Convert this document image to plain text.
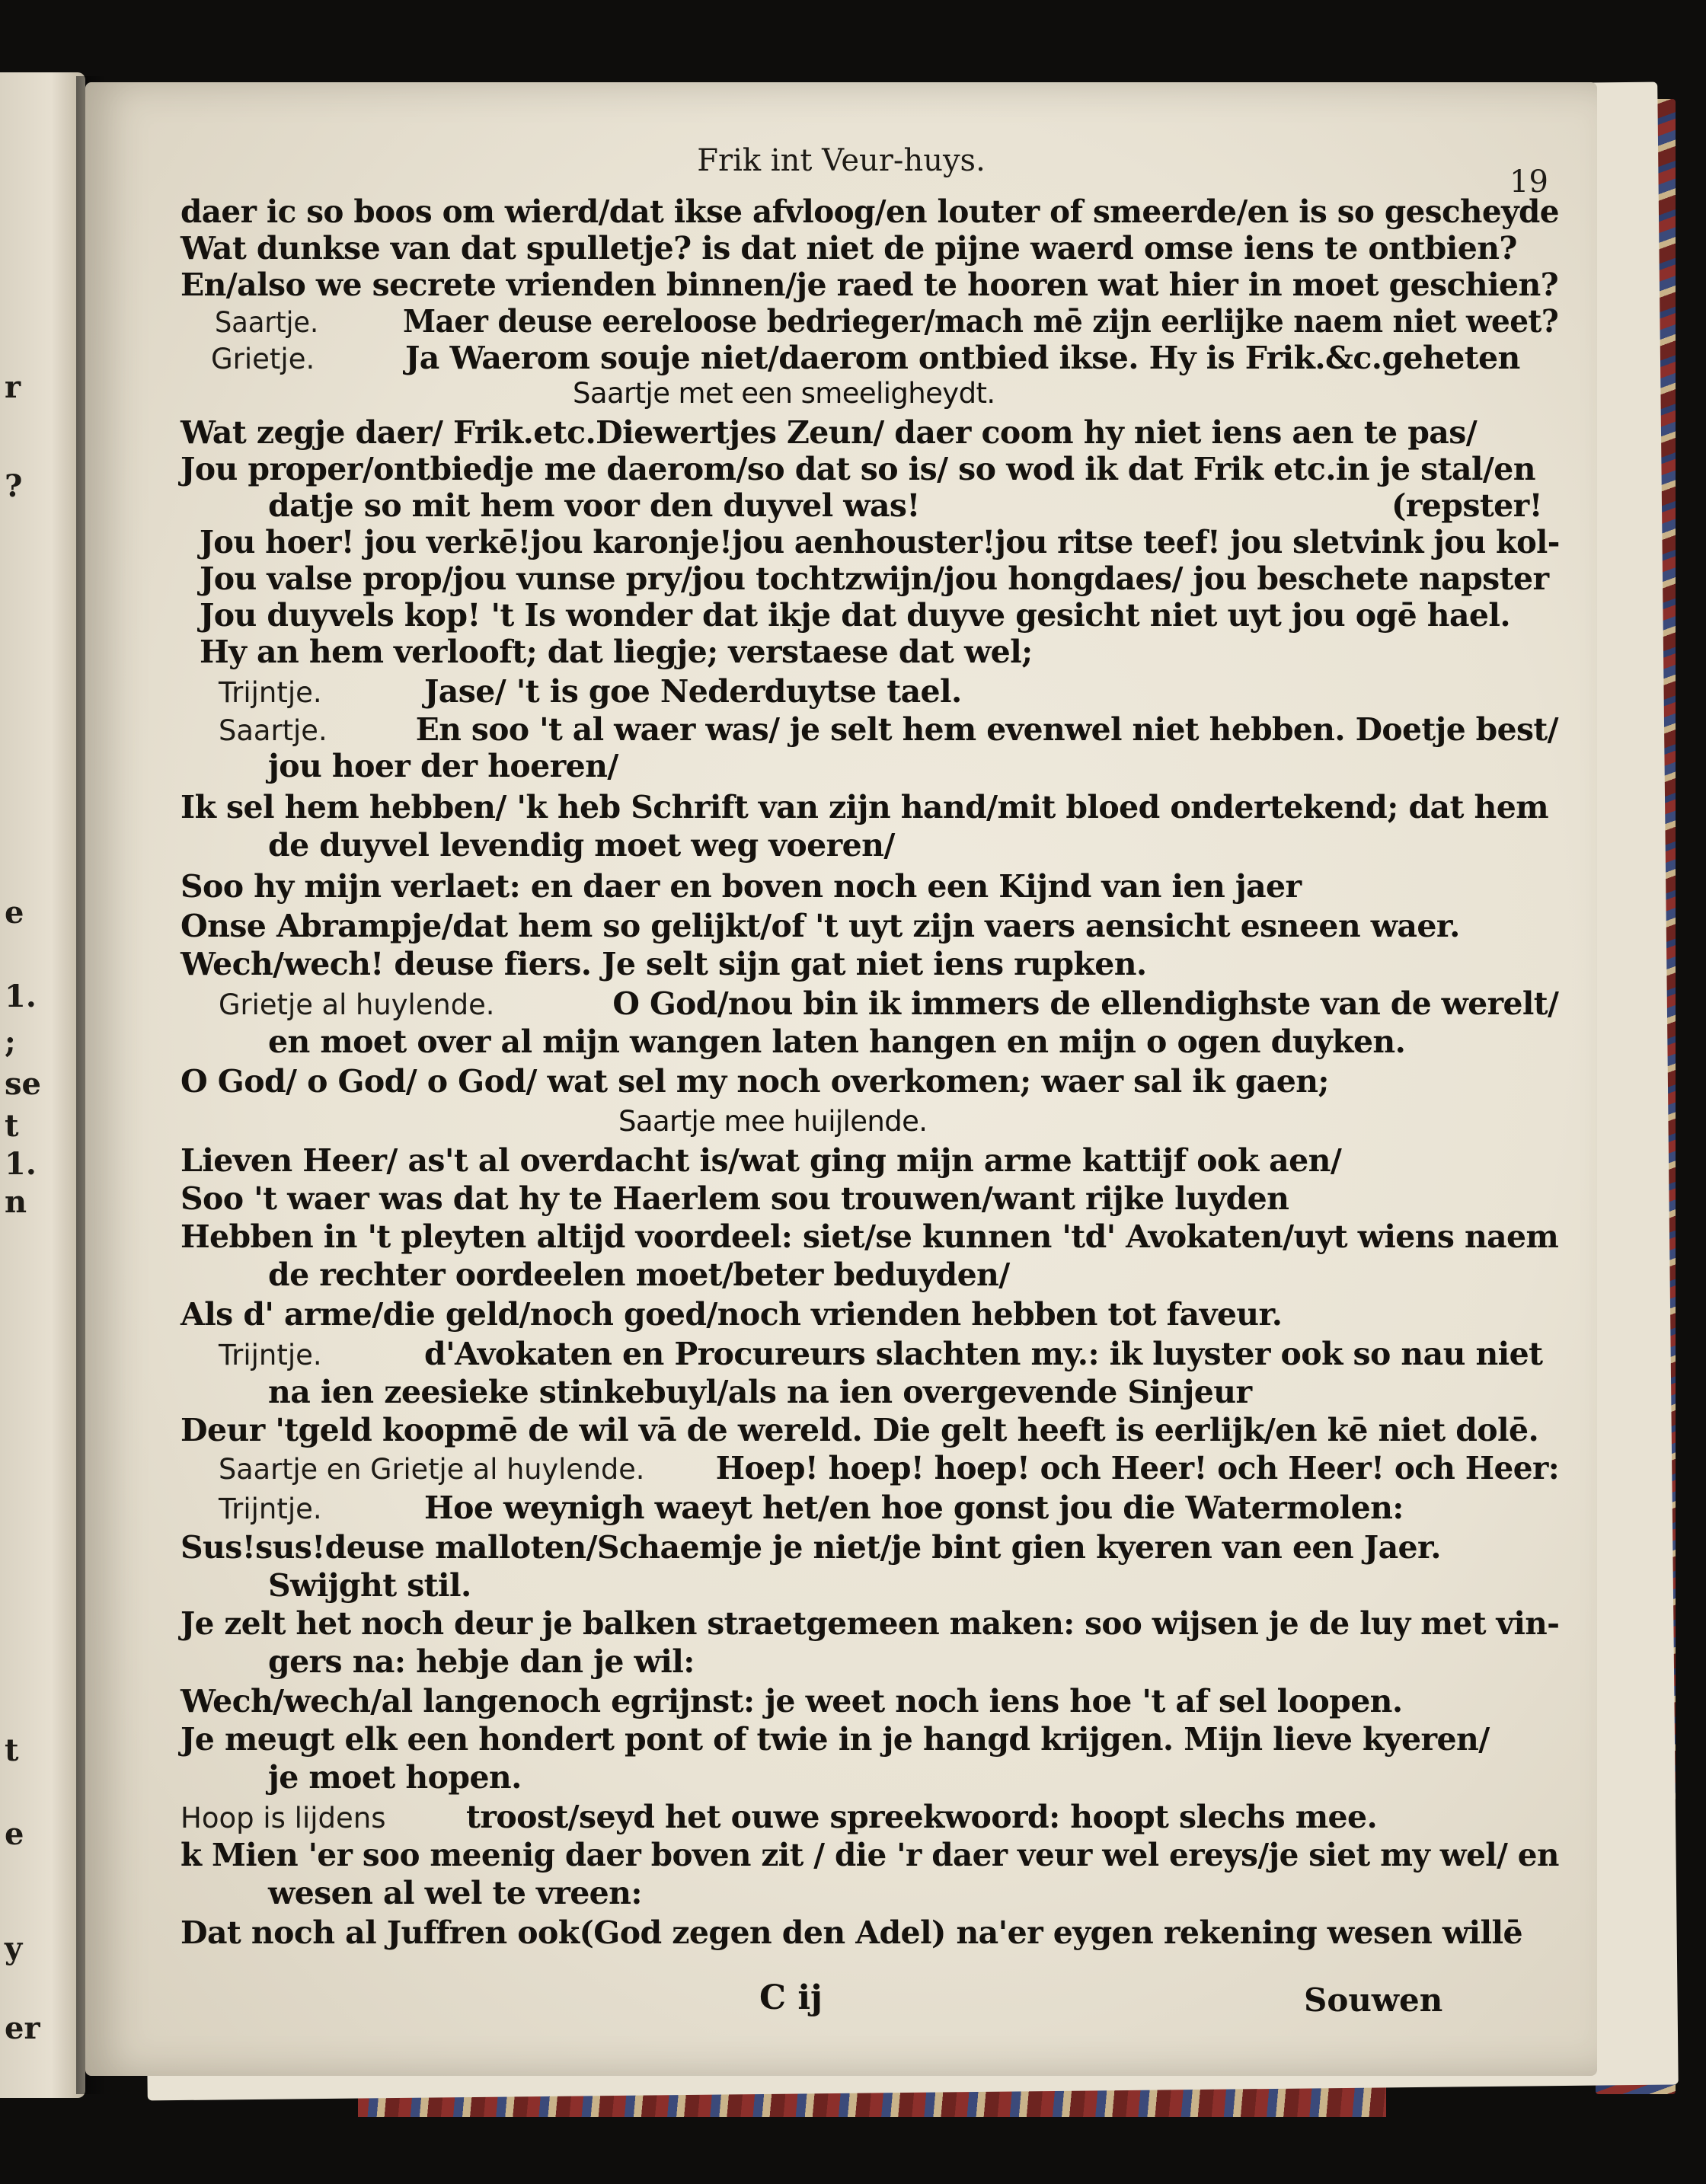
r
?
e
1.
;
se
t
1.
n
t
e
y
er
Frik int Veur-huys.
19
daer ic so boos om wierd/dat ikse afvloog/en louter of smeerde/en is so gescheyde
Wat dunkse van dat spulletje? is dat niet de pijne waerd omse iens te ontbien?
En/also we secrete vrienden binnen/je raed te hooren wat hier in moet geschien?
Saartje.	Maer deuse eereloose bedrieger/mach mē zijn eerlijke naem niet weet?
Grietje.	Ja Waerom souje niet/daerom ontbied ikse. Hy is Frik.&c.geheten
Saartje met een smeeligheydt.
Wat zegje daer/ Frik.etc.Diewertjes Zeun/ daer coom hy niet iens aen te pas/
Jou proper/ontbiedje me daerom/so dat so is/ so wod ik dat Frik etc.in je stal/en
datje so mit hem voor den duyvel was!	(repster!
Jou hoer! jou verkē!jou karonje!jou aenhouster!jou ritse teef! jou sletvink jou kol-
Jou valse prop/jou vunse pry/jou tochtzwijn/jou hongdaes/ jou beschete napster
Jou duyvels kop! 't Is wonder dat ikje dat duyve gesicht niet uyt jou ogē hael.
Hy an hem verlooft; dat liegje; verstaese dat wel;
Trijntje.	Jase/ 't is goe Nederduytse tael.
Saartje.	En soo 't al waer was/ je selt hem evenwel niet hebben. Doetje best/
jou hoer der hoeren/
Ik sel hem hebben/ 'k heb Schrift van zijn hand/mit bloed ondertekend; dat hem
de duyvel levendig moet weg voeren/
Soo hy mijn verlaet: en daer en boven noch een Kijnd van ien jaer
Onse Abrampje/dat hem so gelijkt/of 't uyt zijn vaers aensicht esneen waer.
Wech/wech! deuse fiers. Je selt sijn gat niet iens rupken.
Grietje al huylende.	O God/nou bin ik immers de ellendighste van de werelt/
en moet over al mijn wangen laten hangen en mijn o ogen duyken.
O God/ o God/ o God/ wat sel my noch overkomen; waer sal ik gaen;
Saartje mee huijlende.
Lieven Heer/ as't al overdacht is/wat ging mijn arme kattijf ook aen/
Soo 't waer was dat hy te Haerlem sou trouwen/want rijke luyden
Hebben in 't pleyten altijd voordeel: siet/se kunnen 'td' Avokaten/uyt wiens naem
de rechter oordeelen moet/beter beduyden/
Als d' arme/die geld/noch goed/noch vrienden hebben tot faveur.
Trijntje.	d'Avokaten en Procureurs slachten my.: ik luyster ook so nau niet
na ien zeesieke stinkebuyl/als na ien overgevende Sinjeur
Deur 'tgeld koopmē de wil vā de wereld. Die gelt heeft is eerlijk/en kē niet dolē.
Saartje en Grietje al huylende. Hoep! hoep! hoep! och Heer! och Heer! och Heer:
Trijntje.	Hoe weynigh waeyt het/en hoe gonst jou die Watermolen:
Sus!sus!deuse malloten/Schaemje je niet/je bint gien kyeren van een Jaer.
Swijght stil.
Je zelt het noch deur je balken straetgemeen maken: soo wijsen je de luy met vin-
gers na: hebje dan je wil:
Wech/wech/al langenoch egrijnst: je weet noch iens hoe 't af sel loopen.
Je meugt elk een hondert pont of twie in je hangd krijgen. Mijn lieve kyeren/
je moet hopen.
Hoop is lijdens	troost/seyd het ouwe spreekwoord: hoopt slechs mee.
k Mien 'er soo meenig daer boven zit / die 'r daer veur wel ereys/je siet my wel/ en
wesen al wel te vreen:
Dat noch al Juffren ook(God zegen den Adel) na'er eygen rekening wesen willē
C ij	Souwen
